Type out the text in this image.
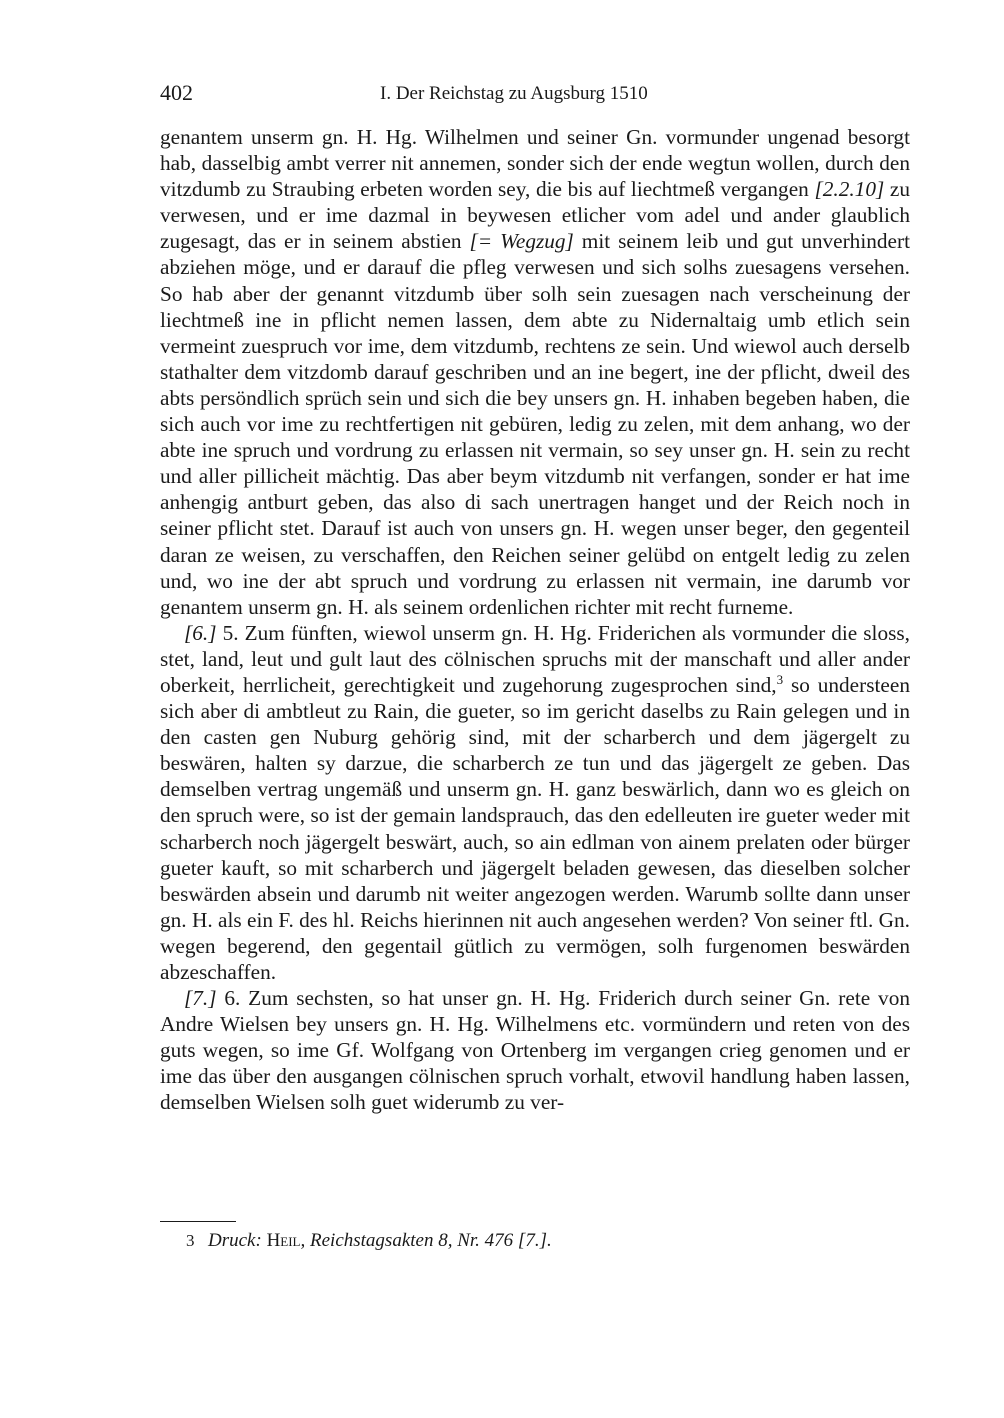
402	I. Der Reichstag zu Augsburg 1510

genantem unserm gn. H. Hg. Wilhelmen und seiner Gn. vormunder ungenad besorgt hab, dasselbig ambt verrer nit annemen, sonder sich der ende wegtun wollen, durch den vitzdumb zu Straubing erbeten worden sey, die bis auf liechtmeß vergangen [2.2.10] zu verwesen, und er ime dazmal in beywesen etlicher vom adel und ander glaublich zugesagt, das er in seinem abstien [= Wegzug] mit seinem leib und gut unverhindert abziehen möge, und er darauf die pfleg verwesen und sich solhs zuesagens versehen. So hab aber der genannt vitzdumb über solh sein zuesagen nach verscheinung der liechtmeß ine in pflicht nemen lassen, dem abte zu Nidernaltaig umb etlich sein vermeint zuespruch vor ime, dem vitzdumb, rechtens ze sein. Und wiewol auch derselb stathalter dem vitzdomb darauf geschriben und an ine begert, ine der pflicht, dweil des abts persöndlich sprüch sein und sich die bey unsers gn. H. inhaben begeben haben, die sich auch vor ime zu rechtfertigen nit gebüren, ledig zu zelen, mit dem anhang, wo der abte ine spruch und vordrung zu erlassen nit vermain, so sey unser gn. H. sein zu recht und aller pillicheit mächtig. Das aber beym vitzdumb nit verfangen, sonder er hat ime anhengig antburt geben, das also di sach unertragen hanget und der Reich noch in seiner pflicht stet. Darauf ist auch von unsers gn. H. wegen unser beger, den gegenteil daran ze weisen, zu verschaffen, den Reichen seiner gelübd on entgelt ledig zu zelen und, wo ine der abt spruch und vordrung zu erlassen nit vermain, ine darumb vor genantem unserm gn. H. als seinem ordenlichen richter mit recht furneme.

[6.] 5. Zum fünften, wiewol unserm gn. H. Hg. Friderichen als vormunder die sloss, stet, land, leut und gult laut des cölnischen spruchs mit der manschaft und aller ander oberkeit, herrlicheit, gerechtigkeit und zugehorung zugesprochen sind,$^3$ so understeen sich aber di ambtleut zu Rain, die gueter, so im gericht daselbs zu Rain gelegen und in den casten gen Nuburg gehörig sind, mit der scharberch und dem jägergelt zu beswären, halten sy darzue, die scharberch ze tun und das jägergelt ze geben. Das demselben vertrag ungemäß und unserm gn. H. ganz beswärlich, dann wo es gleich on den spruch were, so ist der gemain landsprauch, das den edelleuten ire gueter weder mit scharberch noch jägergelt beswärt, auch, so ain edlman von ainem prelaten oder bürger gueter kauft, so mit scharberch und jägergelt beladen gewesen, das dieselben solcher beswärden absein und darumb nit weiter angezogen werden. Warumb sollte dann unser gn. H. als ein F. des hl. Reichs hierinnen nit auch angesehen werden? Von seiner ftl. Gn. wegen begerend, den gegentail gütlich zu vermögen, solh furgenomen beswärden abzeschaffen.

[7.] 6. Zum sechsten, so hat unser gn. H. Hg. Friderich durch seiner Gn. rete von Andre Wielsen bey unsers gn. H. Hg. Wilhelmens etc. vormündern und reten von des guts wegen, so ime Gf. Wolfgang von Ortenberg im vergangen crieg genomen und er ime das über den ausgangen cölnischen spruch vorhalt, etwovil handlung haben lassen, demselben Wielsen solh guet widerumb zu ver-

3 Druck: Heil, Reichstagsakten 8, Nr. 476 [7.].
